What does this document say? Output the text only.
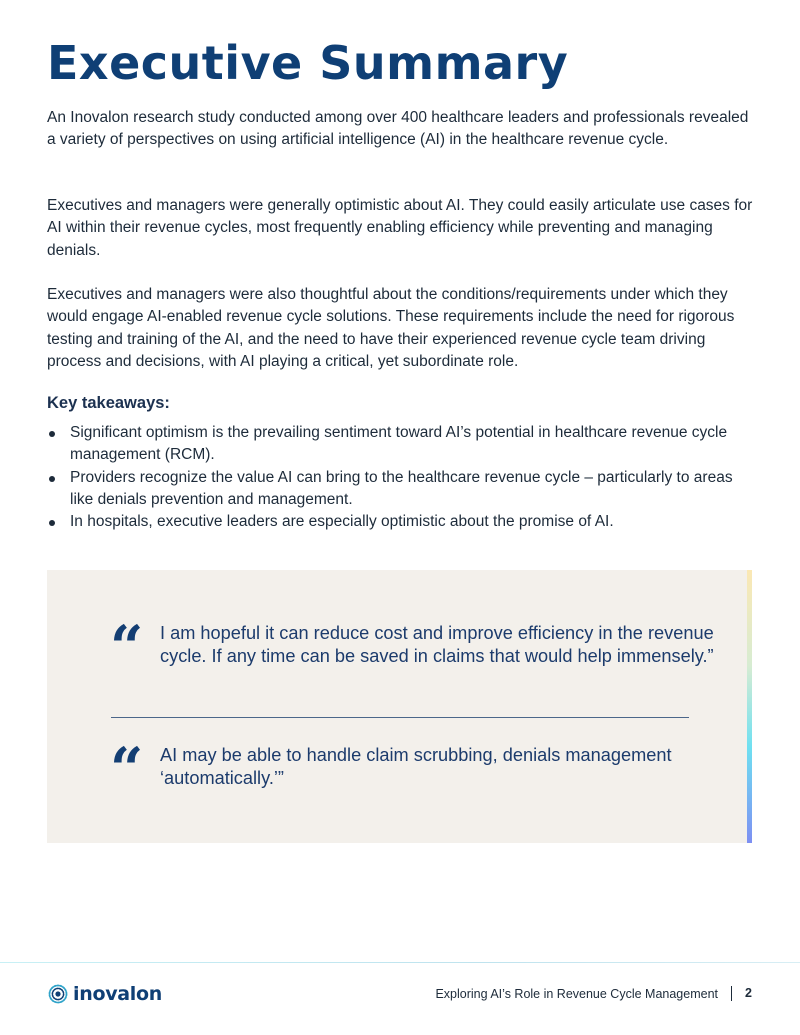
Executive Summary

An Inovalon research study conducted among over 400 healthcare leaders and professionals revealed a variety of perspectives on using artificial intelligence (AI) in the healthcare revenue cycle.

Executives and managers were generally optimistic about AI. They could easily articulate use cases for AI within their revenue cycles, most frequently enabling efficiency while preventing and managing denials.

Executives and managers were also thoughtful about the conditions/requirements under which they would engage AI-enabled revenue cycle solutions. These requirements include the need for rigorous testing and training of the AI, and the need to have their experienced revenue cycle team driving process and decisions, with AI playing a critical, yet subordinate role.

Key takeaways:
Significant optimism is the prevailing sentiment toward AI’s potential in healthcare revenue cycle management (RCM).
Providers recognize the value AI can bring to the healthcare revenue cycle – particularly to areas like denials prevention and management.
In hospitals, executive leaders are especially optimistic about the promise of AI.
“ I am hopeful it can reduce cost and improve efficiency in the revenue cycle. If any time can be saved in claims that would help immensely.”

“ AI may be able to handle claim scrubbing, denials management ‘automatically.’”

inovalon	Exploring AI’s Role in Revenue Cycle Management 2
